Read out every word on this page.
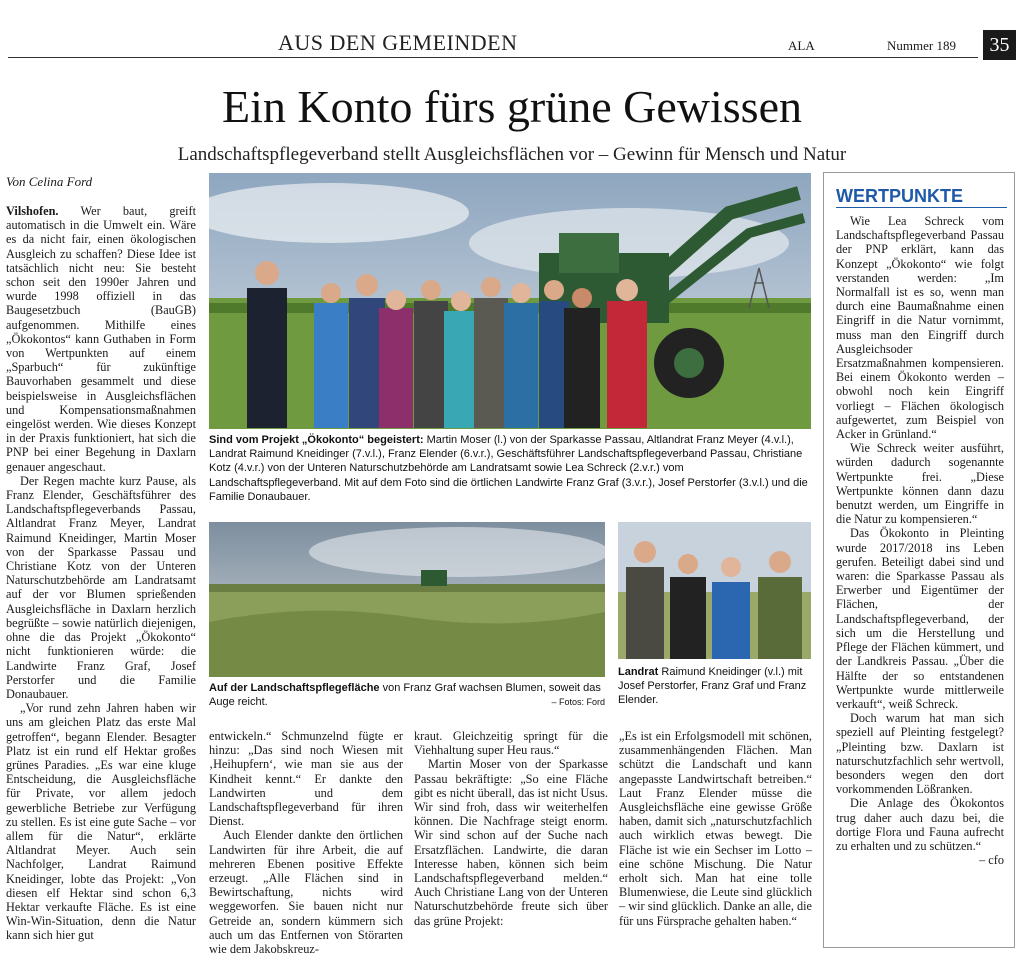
AUS DEN GEMEINDEN	ALA	Nummer 189	35
Ein Konto fürs grüne Gewissen
Landschaftspflegeverband stellt Ausgleichsflächen vor – Gewinn für Mensch und Natur
Von Celina Ford

Vilshofen. Wer baut, greift automatisch in die Umwelt ein. Wäre es da nicht fair, einen ökologischen Ausgleich zu schaffen? Diese Idee ist tatsächlich nicht neu: Sie besteht schon seit den 1990er Jahren und wurde 1998 offiziell in das Baugesetzbuch (BauGB) aufgenommen. Mithilfe eines „Ökokontos“ kann Guthaben in Form von Wertpunkten auf einem „Sparbuch“ für zukünftige Bauvorhaben gesammelt und diese beispielsweise in Ausgleichsflächen und Kompensationsmaßnahmen eingelöst werden. Wie dieses Konzept in der Praxis funktioniert, hat sich die PNP bei einer Begehung in Daxlarn genauer angeschaut.

Der Regen machte kurz Pause, als Franz Elender, Geschäftsführer des Landschaftspflegeverbands Passau, Altlandrat Franz Meyer, Landrat Raimund Kneidinger, Martin Moser von der Sparkasse Passau und Christiane Kotz von der Unteren Naturschutzbehörde am Landratsamt auf der vor Blumen sprießenden Ausgleichsfläche in Daxlarn herzlich begrüßte – sowie natürlich diejenigen, ohne die das Projekt „Ökokonto“ nicht funktionieren würde: die Landwirte Franz Graf, Josef Perstorfer und die Familie Donaubauer.

„Vor rund zehn Jahren haben wir uns am gleichen Platz das erste Mal getroffen“, begann Elender. Besagter Platz ist ein rund elf Hektar großes grünes Paradies. „Es war eine kluge Entscheidung, die Ausgleichsfläche für Private, vor allem jedoch gewerbliche Betriebe zur Verfügung zu stellen. Es ist eine gute Sache – vor allem für die Natur“, erklärte Altlandrat Meyer. Auch sein Nachfolger, Landrat Raimund Kneidinger, lobte das Projekt: „Von diesen elf Hektar sind schon 6,3 Hektar verkaufte Fläche. Es ist eine Win-Win-Situation, denn die Natur kann sich hier gut

Sind vom Projekt „Ökokonto“ begeistert: Martin Moser (l.) von der Sparkasse Passau, Altlandrat Franz Meyer (4.v.l.), Landrat Raimund Kneidinger (7.v.l.), Franz Elender (6.v.r.), Geschäftsführer Landschaftspflegeverband Passau, Christiane Kotz (4.v.r.) von der Unteren Naturschutzbehörde am Landratsamt sowie Lea Schreck (2.v.r.) vom Landschaftspflegeverband. Mit auf dem Foto sind die örtlichen Landwirte Franz Graf (3.v.r.), Josef Perstorfer (3.v.l.) und die Familie Donaubauer.
Auf der Landschaftspflegefläche von Franz Graf wachsen Blumen, soweit das Auge reicht.	– Fotos: Ford
Landrat Raimund Kneidinger (v.l.) mit Josef Perstorfer, Franz Graf und Franz Elender.

entwickeln.“ Schmunzelnd fügte er hinzu: „Das sind noch Wiesen mit ‚Heihupfern‘, wie man sie aus der Kindheit kennt.“ Er dankte den Landwirten und dem Landschaftspflegeverband für ihren Dienst.

Auch Elender dankte den örtlichen Landwirten für ihre Arbeit, die auf mehreren Ebenen positive Effekte erzeugt. „Alle Flächen sind in Bewirtschaftung, nichts wird weggeworfen. Sie bauen nicht nur Getreide an, sondern kümmern sich auch um das Entfernen von Störarten wie dem Jakobskreuz-

kraut. Gleichzeitig springt für die Viehhaltung super Heu raus.“

Martin Moser von der Sparkasse Passau bekräftigte: „So eine Fläche gibt es nicht überall, das ist nicht Usus. Wir sind froh, dass wir weiterhelfen können. Die Nachfrage steigt enorm. Wir sind schon auf der Suche nach Ersatzflächen. Landwirte, die daran Interesse haben, können sich beim Landschaftspflegeverband melden.“ Auch Christiane Lang von der Unteren Naturschutzbehörde freute sich über das grüne Projekt:

„Es ist ein Erfolgsmodell mit schönen, zusammenhängenden Flächen. Man schützt die Landschaft und kann angepasste Landwirtschaft betreiben.“ Laut Franz Elender müsse die Ausgleichsfläche eine gewisse Größe haben, damit sich „naturschutzfachlich auch wirklich etwas bewegt. Die Fläche ist wie ein Sechser im Lotto – eine schöne Mischung. Die Natur erholt sich. Man hat eine tolle Blumenwiese, die Leute sind glücklich – wir sind glücklich. Danke an alle, die für uns Fürsprache gehalten haben.“

WERTPUNKTE

Wie Lea Schreck vom Landschaftspflegeverband Passau der PNP erklärt, kann das Konzept „Ökokonto“ wie folgt verstanden werden: „Im Normalfall ist es so, wenn man durch eine Baumaßnahme einen Eingriff in die Natur vornimmt, muss man den Eingriff durch Ausgleichsoder Ersatzmaßnahmen kompensieren. Bei einem Ökokonto werden – obwohl noch kein Eingriff vorliegt – Flächen ökologisch aufgewertet, zum Beispiel von Acker in Grünland.“

Wie Schreck weiter ausführt, würden dadurch sogenannte Wertpunkte frei. „Diese Wertpunkte können dann dazu benutzt werden, um Eingriffe in die Natur zu kompensieren.“

Das Ökokonto in Pleinting wurde 2017/2018 ins Leben gerufen. Beteiligt dabei sind und waren: die Sparkasse Passau als Erwerber und Eigentümer der Flächen, der Landschaftspflegeverband, der sich um die Herstellung und Pflege der Flächen kümmert, und der Landkreis Passau. „Über die Hälfte der so entstandenen Wertpunkte wurde mittlerweile verkauft“, weiß Schreck.

Doch warum hat man sich speziell auf Pleinting festgelegt? „Pleinting bzw. Daxlarn ist naturschutzfachlich sehr wertvoll, besonders wegen den dort vorkommenden Lößranken.

Die Anlage des Ökokontos trug daher auch dazu bei, die dortige Flora und Fauna aufrecht zu erhalten und zu schützen.“
– cfo
